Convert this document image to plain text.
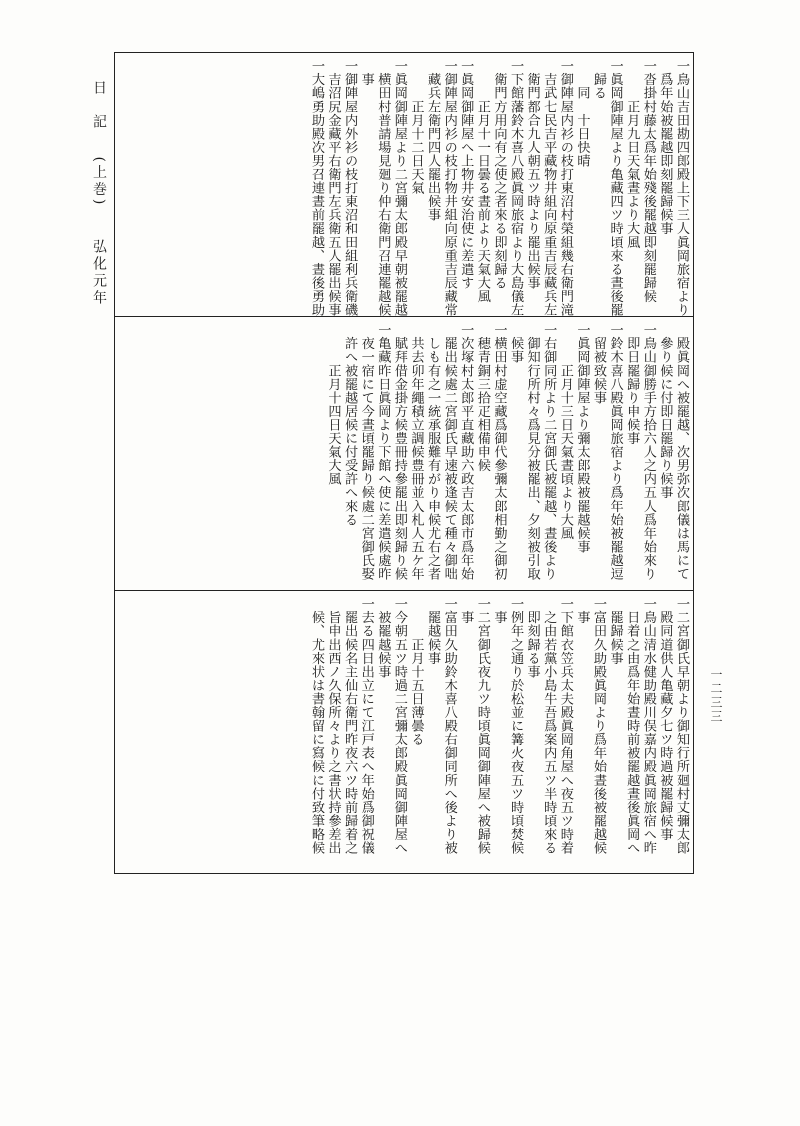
日　記 (上巻) 　 弘化元年
一二三三
一鳥山吉田勘四郎殿上下三人眞岡旅宿より
　爲年始被罷越即刻罷歸候事
一沓掛村藤太爲年始殘後罷越即刻罷歸候
　　　正月九日天氣晝より大風
一眞岡御陣屋より亀藏四ツ時頃來る晝後罷
　歸る
　　同　十日快晴
一御陣屋内衫の枝打東沼村榮組幾右衛門滝
　吉武七民吉平藏物井組向原重吉辰藏兵左
　衛門都合九人朝五ツ時より罷出候事
一下館藩鈴木喜八殿眞岡旅宿より大島儀左
　衛門方用向有之使之者來る即刻歸る
　　　正月十一日曇る晝前より天氣大風
一眞岡御陣屋へ上物井安治使に差遣す
一御陣屋内衫の枝打物井組向原重吉辰藏常
　藏兵左衛門四人罷出候事
　　　正月十二日天氣
一眞岡御陣屋より二宮彌太郎殿早朝被罷越
　横田村普請場見廻り仲右衛門召連罷越候
　事
一御陣屋内外衫の枝打東沼和田組利兵衛磯
　吉沼尻金藏平右衛門左兵衛五人罷出候事
一大嶋勇助殿次男召連晝前罷越、晝後勇助
　殿眞岡へ被罷越、次男弥次郎儀は馬にて
　參り候に付即日罷歸り候事
一鳥山御勝手方拾六人之内五人爲年始來り
　即日罷歸り申候事
一鈴木喜八殿眞岡旅宿より爲年始被罷越逗
　留被致候事
一眞岡御陣屋より彌太郎殿被罷越候事
　　　正月十三日天氣晝頃より大風
一右御同所より二宮御氏被罷越、晝後より
　御知行所村々爲見分被罷出、夕刻被引取
　候事
一横田村虚空藏爲御代參彌太郎相勤之御初
　穂青銅三拾疋相備申候
一次塚村太郎平直藏助六政吉太郎市爲年始
　罷出候處二宮御氏早速被逢候て種々御咄
　しも有之一統承服難有がり申候尤右之者
　共去卯年繩積立調候豊冊並入札人五ケ年
　賦拜借金掛方候豊冊持參罷出即刻歸り候
一亀藏昨日眞岡より下館へ使に差遣候處昨
　夜一宿にて今晝頃罷歸り候處二宮御氏娶
　許へ被罷越居候に付受許へ來る
　　　正月十四日天氣大風
一二宮御氏早朝より御知行所廻村丈彌太郎
　殿同道供人亀藏夕七ツ時過被罷歸候事
一鳥山清水健助殿川俣嘉内殿眞岡旅宿へ昨
　日着之由爲年始晝時前被罷越晝後眞岡へ
　罷歸候事
一富田久助殿眞岡より爲年始晝後被罷越候
　事
一下館衣笠兵太夫殿眞岡角屋へ夜五ツ時着
　之由若黨小島牛吾爲案内五ツ半時頃來る
　即刻歸る事
一例年之通り於松並に篝火夜五ツ時頃焚候
　事
一二宮御氏夜九ツ時頃眞岡御陣屋へ被歸候
　事
一富田久助鈴木喜八殿右御同所へ後より被
　罷越候事
　　　正月十五日薄曇る
一今朝五ツ時過二宮彌太郎殿眞岡御陣屋へ
　被罷越候事
一去る四日出立にて江戸表へ年始爲御祝儀
　罷出候名主仙右衛門昨夜六ツ時前歸着之
　旨申出西ノ久保所々より之書状持參差出
　候、尤來状は書翰留に寫候に付致筆略候
